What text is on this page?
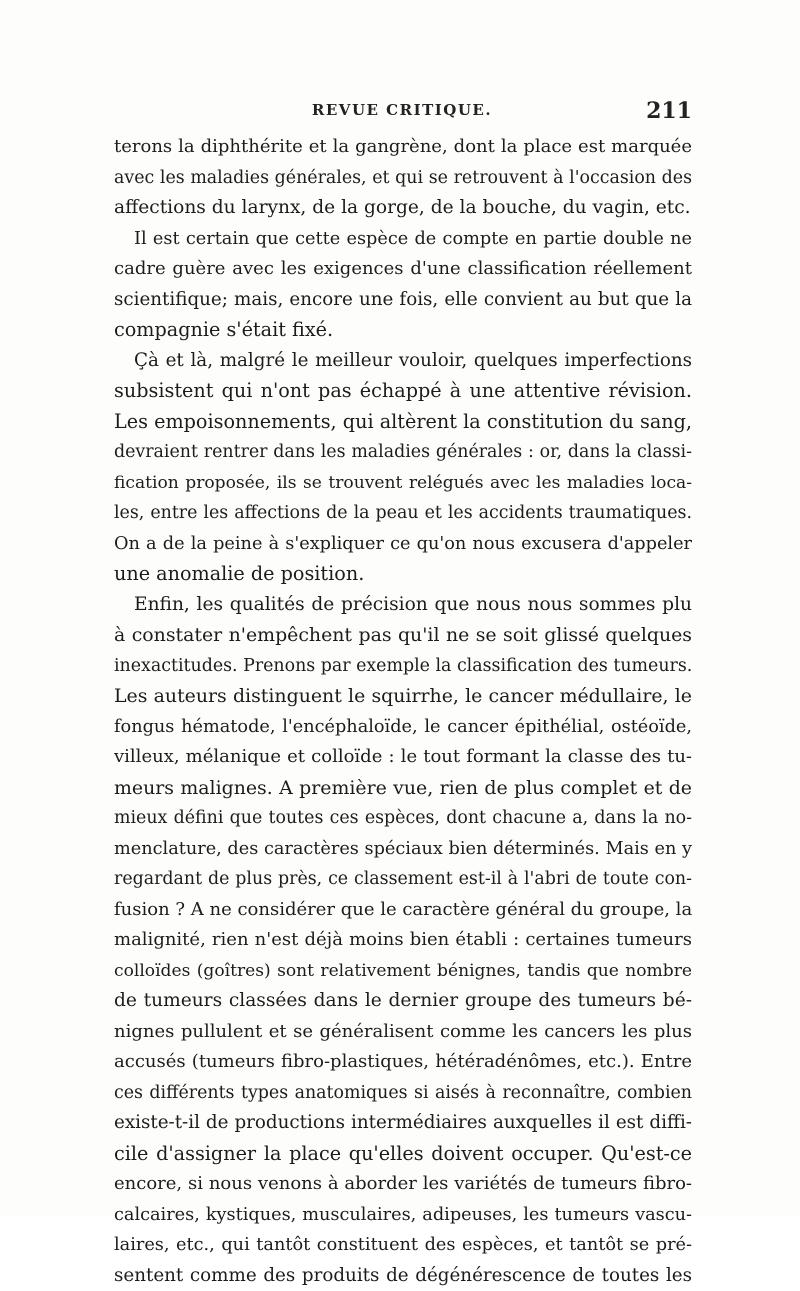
REVUE CRITIQUE.	211
terons la diphthérite et la gangrène, dont la place est marquée
avec les maladies générales, et qui se retrouvent à l'occasion des
affections du larynx, de la gorge, de la bouche, du vagin, etc.
Il est certain que cette espèce de compte en partie double ne
cadre guère avec les exigences d'une classification réellement
scientifique; mais, encore une fois, elle convient au but que la
compagnie s'était fixé.
Çà et là, malgré le meilleur vouloir, quelques imperfections
subsistent qui n'ont pas échappé à une attentive révision.
Les empoisonnements, qui altèrent la constitution du sang,
devraient rentrer dans les maladies générales : or, dans la classi-
fication proposée, ils se trouvent relégués avec les maladies loca-
les, entre les affections de la peau et les accidents traumatiques.
On a de la peine à s'expliquer ce qu'on nous excusera d'appeler
une anomalie de position.
Enfin, les qualités de précision que nous nous sommes plu
à constater n'empêchent pas qu'il ne se soit glissé quelques
inexactitudes. Prenons par exemple la classification des tumeurs.
Les auteurs distinguent le squirrhe, le cancer médullaire, le
fongus hématode, l'encéphaloïde, le cancer épithélial, ostéoïde,
villeux, mélanique et colloïde : le tout formant la classe des tu-
meurs malignes. A première vue, rien de plus complet et de
mieux défini que toutes ces espèces, dont chacune a, dans la no-
menclature, des caractères spéciaux bien déterminés. Mais en y
regardant de plus près, ce classement est-il à l'abri de toute con-
fusion ? A ne considérer que le caractère général du groupe, la
malignité, rien n'est déjà moins bien établi : certaines tumeurs
colloïdes (goîtres) sont relativement bénignes, tandis que nombre
de tumeurs classées dans le dernier groupe des tumeurs bé-
nignes pullulent et se généralisent comme les cancers les plus
accusés (tumeurs fibro-plastiques, hétéradénômes, etc.). Entre
ces différents types anatomiques si aisés à reconnaître, combien
existe-t-il de productions intermédiaires auxquelles il est diffi-
cile d'assigner la place qu'elles doivent occuper. Qu'est-ce
encore, si nous venons à aborder les variétés de tumeurs fibro-
calcaires, kystiques, musculaires, adipeuses, les tumeurs vascu-
laires, etc., qui tantôt constituent des espèces, et tantôt se pré-
sentent comme des produits de dégénérescence de toutes les
